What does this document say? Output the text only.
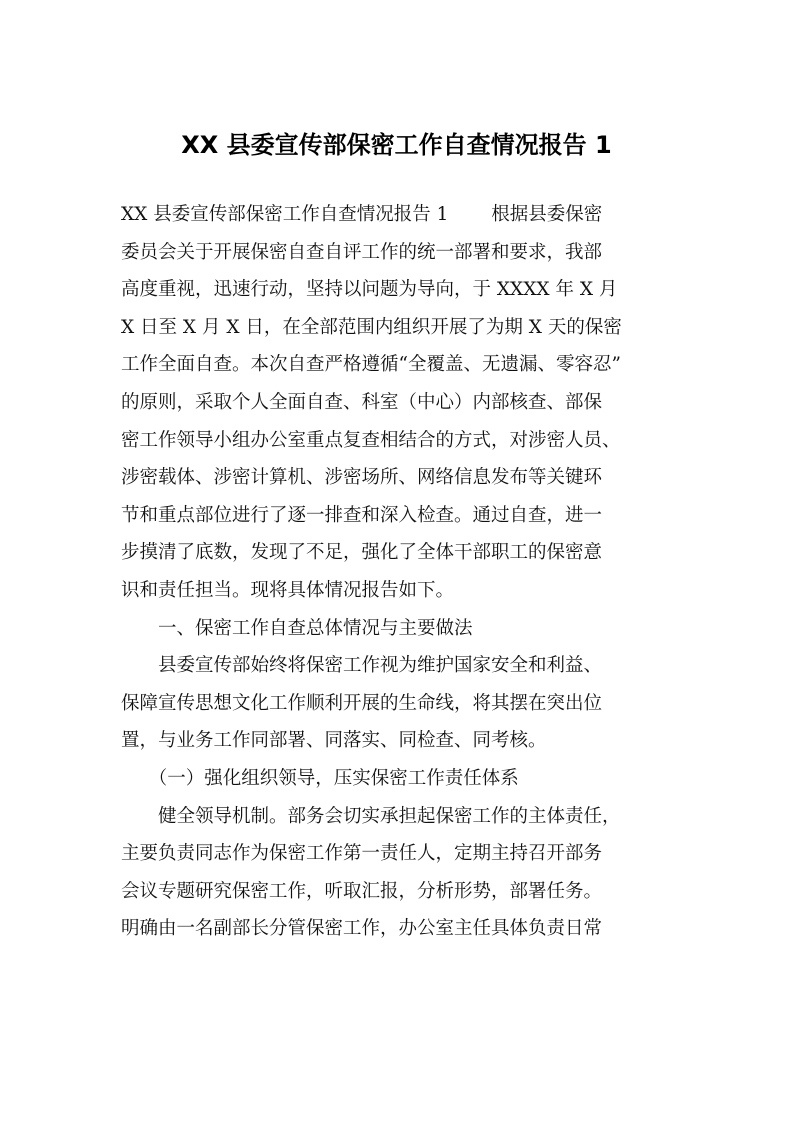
XX 县委宣传部保密工作自查情况报告 1

XX 县委宣传部保密工作自查情况报告 1　　 根据县委保密

委员会关于开展保密自查自评工作的统一部署和要求，我部

高度重视，迅速行动，坚持以问题为导向，于 XXXX 年 X 月

X 日至 X 月 X 日，在全部范围内组织开展了为期 X 天的保密

工作全面自查。本次自查严格遵循“全覆盖、无遗漏、零容忍”

的原则，采取个人全面自查、科室（中心）内部核查、部保

密工作领导小组办公室重点复查相结合的方式，对涉密人员、

涉密载体、涉密计算机、涉密场所、网络信息发布等关键环

节和重点部位进行了逐一排查和深入检查。通过自查，进一

步摸清了底数，发现了不足，强化了全体干部职工的保密意

识和责任担当。现将具体情况报告如下。

　　一、保密工作自查总体情况与主要做法

　　县委宣传部始终将保密工作视为维护国家安全和利益、

保障宣传思想文化工作顺利开展的生命线，将其摆在突出位

置，与业务工作同部署、同落实、同检查、同考核。

　　（一）强化组织领导，压实保密工作责任体系

　　健全领导机制。部务会切实承担起保密工作的主体责任，

主要负责同志作为保密工作第一责任人，定期主持召开部务

会议专题研究保密工作，听取汇报，分析形势，部署任务。

明确由一名副部长分管保密工作，办公室主任具体负责日常
